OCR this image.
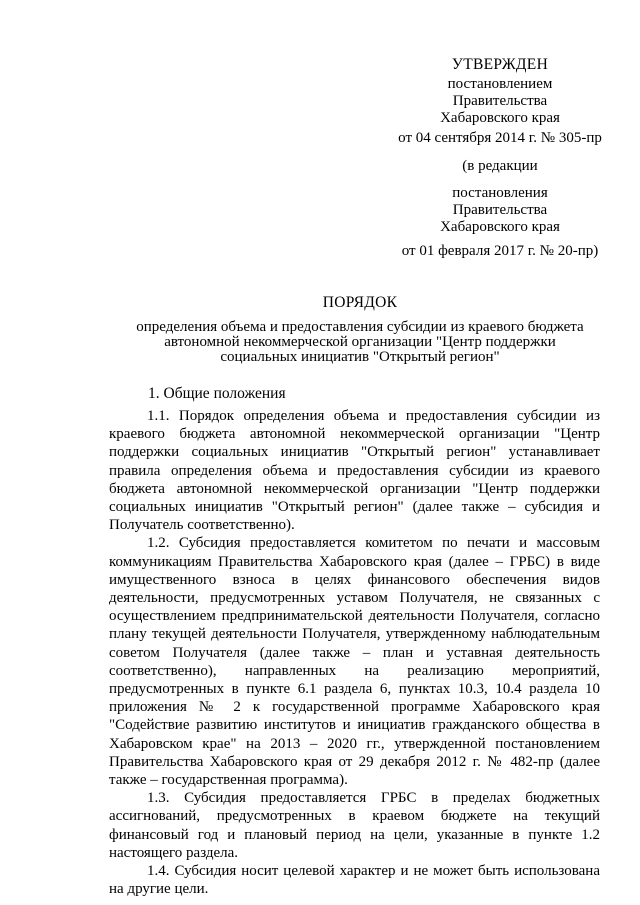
УТВЕРЖДЕН
постановлением
Правительства
Хабаровского края
от 04 сентября 2014 г. № 305-пр
(в редакции
постановления
Правительства
Хабаровского края
от 01 февраля 2017 г. № 20-пр)
ПОРЯДОК
определения объема и предоставления субсидии из краевого бюджета
автономной некоммерческой организации "Центр поддержки
социальных инициатив "Открытый регион"
1. Общие положения

1.1. Порядок определения объема и предоставления субсидии из краевого бюджета автономной некоммерческой организации "Центр поддержки социальных инициатив "Открытый регион" устанавливает правила определения объема и предоставления субсидии из краевого бюджета автономной некоммерческой организации "Центр поддержки социальных инициатив "Открытый регион" (далее также – субсидия и Получатель соответственно).

1.2. Субсидия предоставляется комитетом по печати и массовым коммуникациям Правительства Хабаровского края (далее – ГРБС) в виде имущественного взноса в целях финансового обеспечения видов деятельности, предусмотренных уставом Получателя, не связанных с осуществлением предпринимательской деятельности Получателя, согласно плану текущей деятельности Получателя, утвержденному наблюдательным советом Получателя (далее также – план и уставная деятельность соответственно), направленных на реализацию мероприятий, предусмотренных в пункте 6.1 раздела 6, пунктах 10.3, 10.4 раздела 10 приложения № 2 к государственной программе Хабаровского края "Содействие развитию институтов и инициатив гражданского общества в Хабаровском крае" на 2013 – 2020 гг., утвержденной постановлением Правительства Хабаровского края от 29 декабря 2012 г. № 482-пр (далее также – государственная программа).

1.3. Субсидия предоставляется ГРБС в пределах бюджетных ассигнований, предусмотренных в краевом бюджете на текущий финансовый год и плановый период на цели, указанные в пункте 1.2 настоящего раздела.

1.4. Субсидия носит целевой характер и не может быть использована на другие цели.
